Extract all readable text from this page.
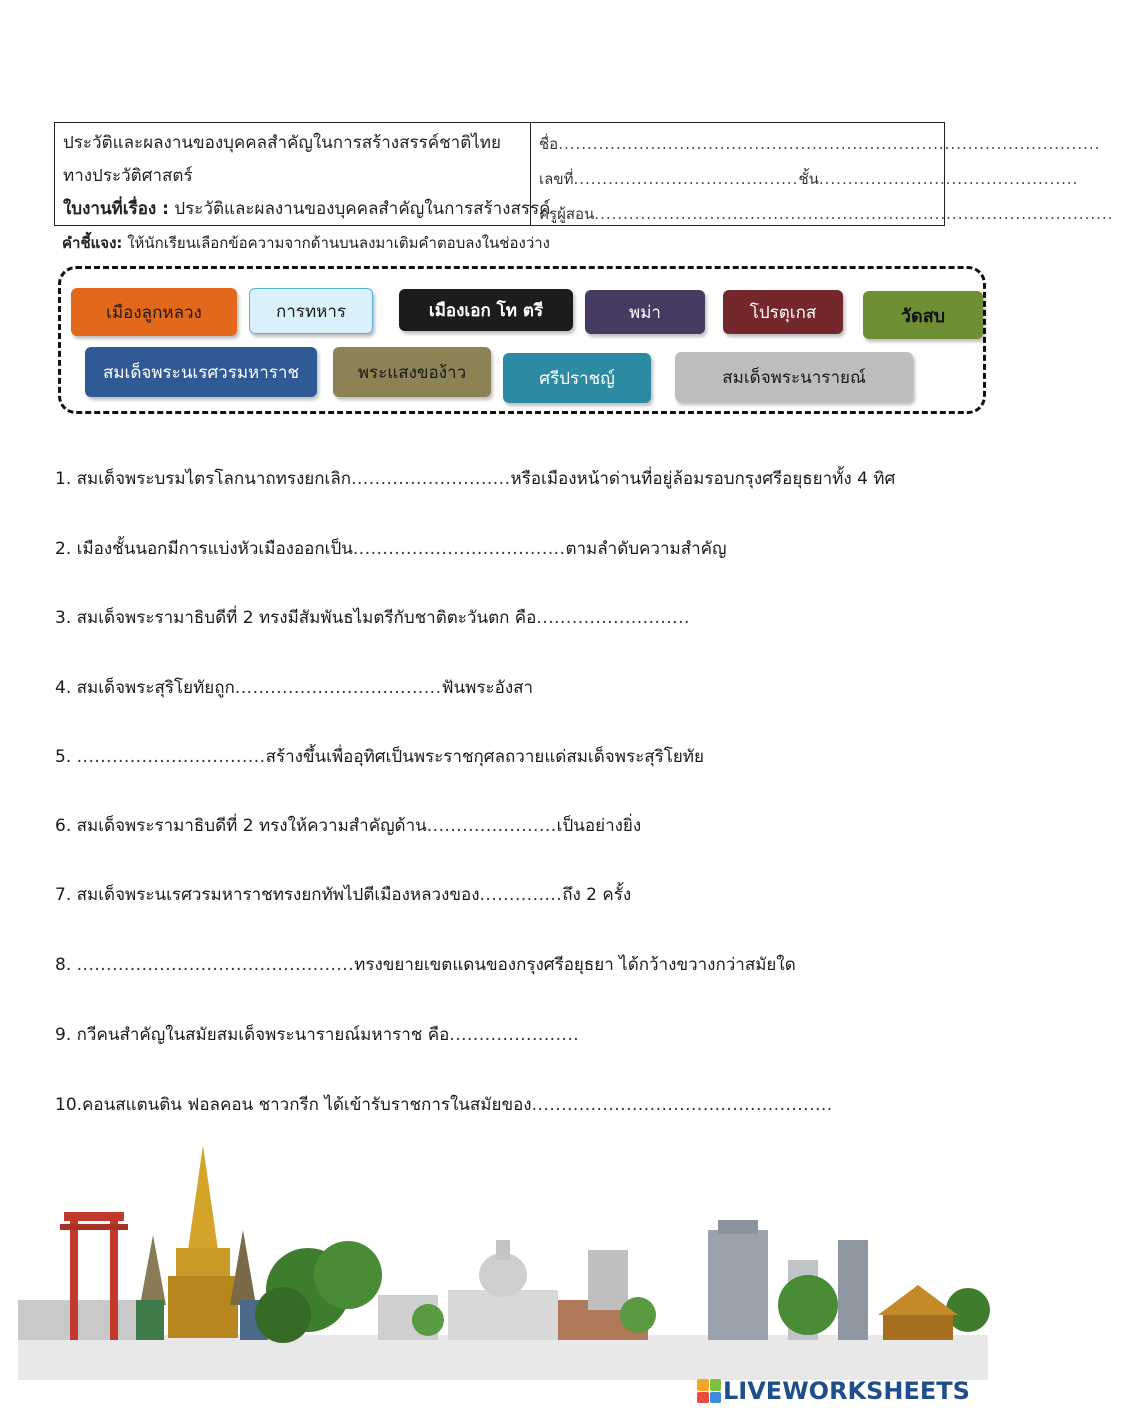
ประวัติและผลงานของบุคคลสำคัญในการสร้างสรรค์ชาติไทย
ทางประวัติศาสตร์
ใบงานที่เรื่อง : ประวัติและผลงานของบุคคลสำคัญในการสร้างสรรค์
ชื่อ..............................................................................................
เลขที่.......................................ชั้น.............................................
ครูผู้สอน..........................................................................................
คำชี้แจง: ให้นักเรียนเลือกข้อความจากด้านบนลงมาเติมคำตอบลงในช่องว่าง
เมืองลูกหลวง	การทหาร	เมืองเอก โท ตรี	พม่า	โปรตุเกส	วัดสบ
สมเด็จพระนเรศวรมหาราช	พระแสงของ้าว	ศรีปราชญ์	สมเด็จพระนารายณ์
1. สมเด็จพระบรมไตรโลกนาถทรงยกเลิก...........................หรือเมืองหน้าด่านที่อยู่ล้อมรอบกรุงศรีอยุธยาทั้ง 4 ทิศ
2. เมืองชั้นนอกมีการแบ่งหัวเมืองออกเป็น....................................ตามลำดับความสำคัญ
3. สมเด็จพระรามาธิบดีที่ 2 ทรงมีสัมพันธไมตรีกับชาติตะวันตก คือ..........................
4. สมเด็จพระสุริโยทัยถูก...................................ฟันพระอังสา
5. ................................สร้างขึ้นเพื่ออุทิศเป็นพระราชกุศลถวายแด่สมเด็จพระสุริโยทัย
6. สมเด็จพระรามาธิบดีที่ 2 ทรงให้ความสำคัญด้าน......................เป็นอย่างยิ่ง
7. สมเด็จพระนเรศวรมหาราชทรงยกทัพไปตีเมืองหลวงของ..............ถึง 2 ครั้ง
8. ...............................................ทรงขยายเขตแดนของกรุงศรีอยุธยา ได้กว้างขวางกว่าสมัยใด
9. กวีคนสำคัญในสมัยสมเด็จพระนารายณ์มหาราช คือ......................
10.คอนสแตนติน ฟอลคอน ชาวกรีก ได้เข้ารับราชการในสมัยของ...................................................
LIVEWORKSHEETS
